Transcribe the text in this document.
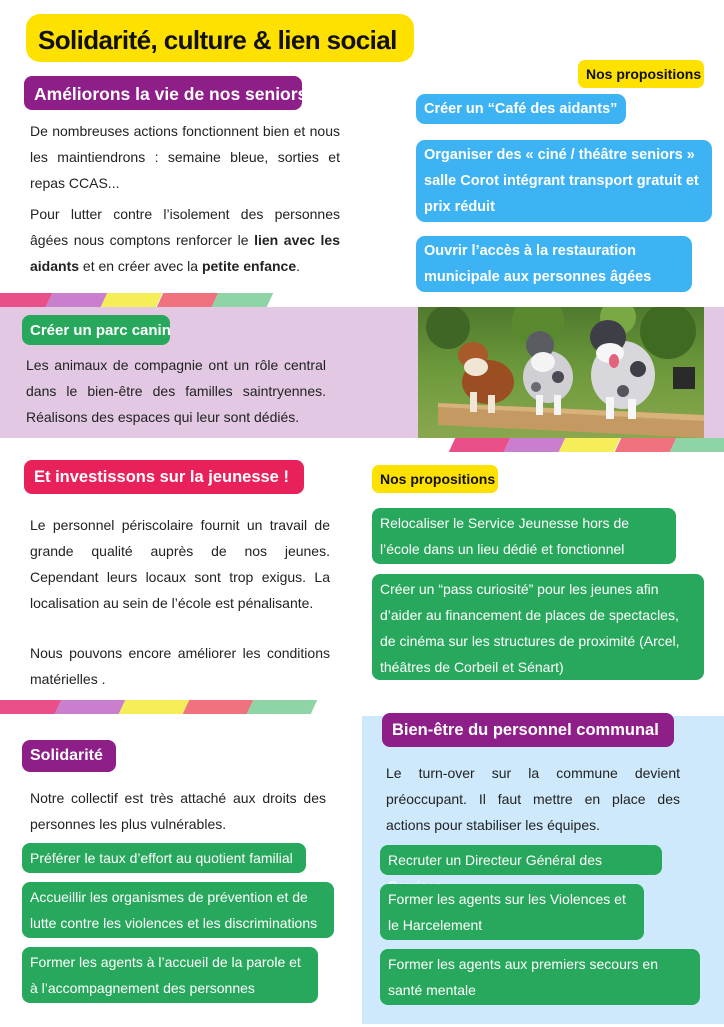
Solidarité, culture & lien social
Améliorons la vie de nos seniors
De nombreuses actions fonctionnent bien et nous les maintiendrons : semaine bleue, sorties et repas CCAS...
Pour lutter contre l’isolement des personnes âgées nous comptons renforcer le lien avec les aidants et en créer avec la petite enfance.
Nos propositions
Créer un “Café des aidants”
Organiser des « ciné / théâtre seniors » salle Corot intégrant transport gratuit et prix réduit
Ouvrir l’accès à la restauration municipale aux personnes âgées
Créer un parc canin
Les animaux de compagnie ont un rôle central dans le bien-être des familles saintryennes. Réalisons des espaces qui leur sont dédiés.
Et investissons sur la jeunesse !
Le personnel périscolaire fournit un travail de grande qualité auprès de nos jeunes. Cependant leurs locaux sont trop exigus. La localisation au sein de l’école est pénalisante.
Nous pouvons encore améliorer les conditions matérielles .
Nos propositions
Relocaliser le Service Jeunesse hors de l’école dans un lieu dédié et fonctionnel
Créer un “pass curiosité” pour les jeunes afin d’aider au financement de places de spectacles, de cinéma sur les structures de proximité (Arcel, théâtres de Corbeil et Sénart)
Solidarité
Notre collectif est très attaché aux droits des personnes les plus vulnérables.
Préférer le taux d’effort au quotient familial
Accueillir les organismes de prévention et de lutte contre les violences et les discriminations
Former les agents à l’accueil de la parole et à l’accompagnement des personnes vulnérables
Bien-être du personnel communal
Le turn-over sur la commune devient préoccupant. Il faut mettre en place des actions pour stabiliser les équipes.
Recruter un Directeur Général des
Former les agents sur les Violences et le Harcelement
Former les agents aux premiers secours en santé mentale
